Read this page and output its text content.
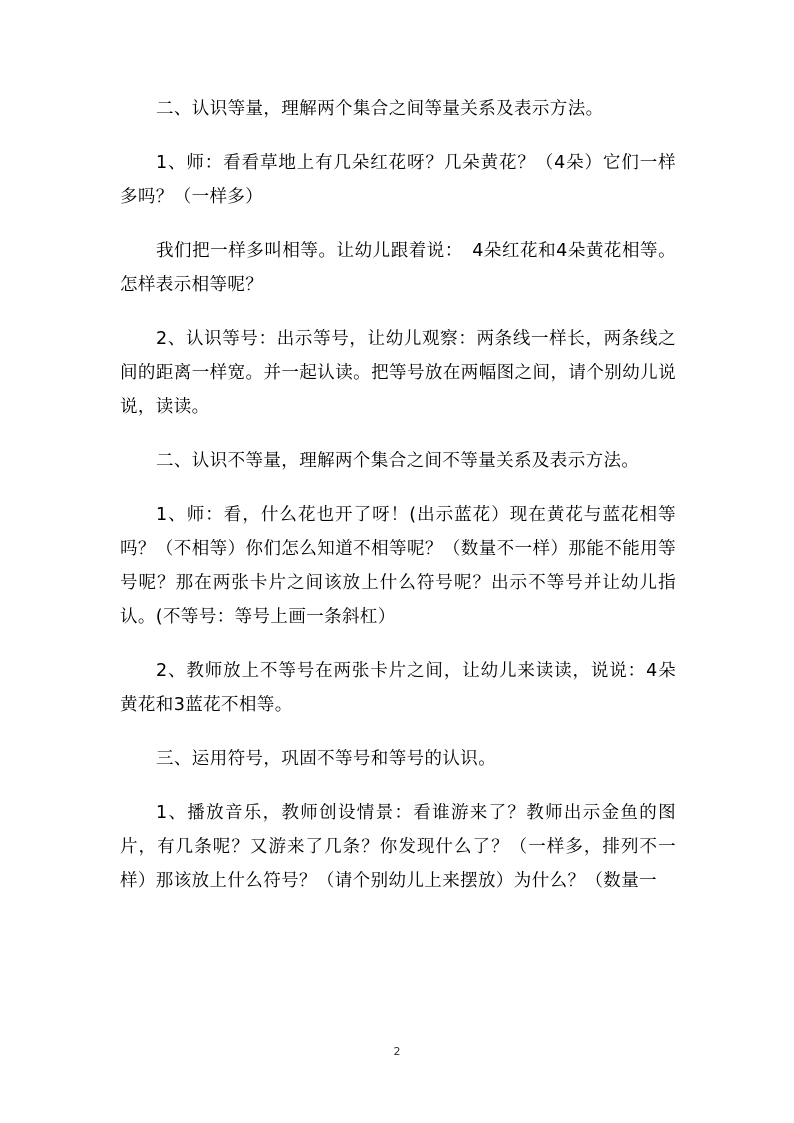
二、认识等量，理解两个集合之间等量关系及表示方法。

1、师：看看草地上有几朵红花呀？几朵黄花？（4朵）它们一样多吗？（一样多）

我们把一样多叫相等。让幼儿跟着说：　4朵红花和4朵黄花相等。怎样表示相等呢？

2、认识等号：出示等号，让幼儿观察：两条线一样长，两条线之间的距离一样宽。并一起认读。把等号放在两幅图之间，请个别幼儿说说，读读。

二、认识不等量，理解两个集合之间不等量关系及表示方法。

1、师：看，什么花也开了呀！(出示蓝花）现在黄花与蓝花相等吗？（不相等）你们怎么知道不相等呢？（数量不一样）那能不能用等号呢？那在两张卡片之间该放上什么符号呢？出示不等号并让幼儿指认。(不等号：等号上画一条斜杠）

2、教师放上不等号在两张卡片之间，让幼儿来读读，说说：4朵黄花和3蓝花不相等。

三、运用符号，巩固不等号和等号的认识。

1、播放音乐，教师创设情景：看谁游来了？教师出示金鱼的图片，有几条呢？又游来了几条？你发现什么了？（一样多，排列不一样）那该放上什么符号？（请个别幼儿上来摆放）为什么？（数量一

2
